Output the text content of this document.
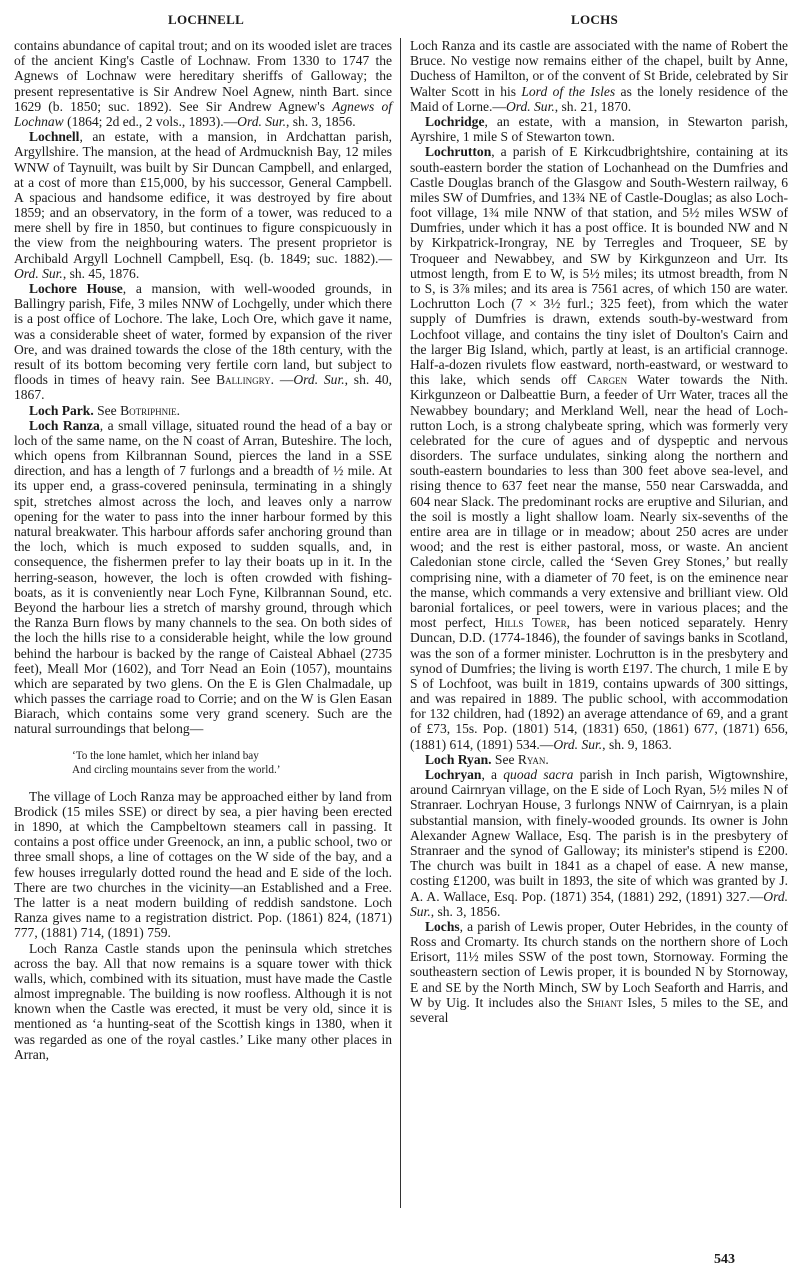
LOCHNELL	LOCHS

contains abundance of capital trout; and on its wooded islet are traces of the ancient King's Castle of Lochnaw. From 1330 to 1747 the Agnews of Lochnaw were hereditary sheriffs of Galloway; the present representative is Sir Andrew Noel Agnew, ninth Bart. since 1629 (b. 1850; suc. 1892). See Sir Andrew Agnew's Agnews of Lochnaw (1864; 2d ed., 2 vols., 1893).—Ord. Sur., sh. 3, 1856.

Lochnell, an estate, with a mansion, in Ardchattan parish, Argyllshire. The mansion, at the head of Ardmucknish Bay, 12 miles WNW of Taynuilt, was built by Sir Duncan Campbell, and enlarged, at a cost of more than £15,000, by his successor, General Campbell. A spacious and handsome edifice, it was destroyed by fire about 1859; and an observatory, in the form of a tower, was reduced to a mere shell by fire in 1850, but continues to figure conspicuously in the view from the neighbouring waters. The present proprietor is Archibald Argyll Lochnell Campbell, Esq. (b. 1849; suc. 1882).—Ord. Sur., sh. 45, 1876.

Lochore House, a mansion, with well-wooded grounds, in Ballingry parish, Fife, 3 miles NNW of Lochgelly, under which there is a post office of Lochore. The lake, Loch Ore, which gave it name, was a considerable sheet of water, formed by expansion of the river Ore, and was drained towards the close of the 18th century, with the result of its bottom becoming very fertile corn land, but subject to floods in times of heavy rain. See Ballingry. —Ord. Sur., sh. 40, 1867.

Loch Park. See Botriphnie.

Loch Ranza, a small village, situated round the head of a bay or loch of the same name, on the N coast of Arran, Buteshire. The loch, which opens from Kilbrannan Sound, pierces the land in a SSE direction, and has a length of 7 furlongs and a breadth of ½ mile. At its upper end, a grass-covered peninsula, terminating in a shingly spit, stretches almost across the loch, and leaves only a narrow opening for the water to pass into the inner harbour formed by this natural breakwater. This harbour affords safer anchoring ground than the loch, which is much exposed to sudden squalls, and, in consequence, the fishermen prefer to lay their boats up in it. In the herring-season, however, the loch is often crowded with fishing-boats, as it is conveniently near Loch Fyne, Kilbrannan Sound, etc. Beyond the harbour lies a stretch of marshy ground, through which the Ranza Burn flows by many channels to the sea. On both sides of the loch the hills rise to a considerable height, while the low ground behind the harbour is backed by the range of Caisteal Abhael (2735 feet), Meall Mor (1602), and Torr Nead an Eoin (1057), mountains which are separated by two glens. On the E is Glen Chalmadale, up which passes the carriage road to Corrie; and on the W is Glen Easan Biarach, which contains some very grand scenery. Such are the natural surroundings that belong—

‘To the lone hamlet, which her inland bay
And circling mountains sever from the world.’

The village of Loch Ranza may be approached either by land from Brodick (15 miles SSE) or direct by sea, a pier having been erected in 1890, at which the Campbeltown steamers call in passing. It contains a post office under Greenock, an inn, a public school, two or three small shops, a line of cottages on the W side of the bay, and a few houses irregularly dotted round the head and E side of the loch. There are two churches in the vicinity—an Established and a Free. The latter is a neat modern building of reddish sandstone. Loch Ranza gives name to a registration district. Pop. (1861) 824, (1871) 777, (1881) 714, (1891) 759.

Loch Ranza Castle stands upon the peninsula which stretches across the bay. All that now remains is a square tower with thick walls, which, combined with its situation, must have made the Castle almost impregnable. The building is now roofless. Although it is not known when the Castle was erected, it must be very old, since it is mentioned as ‘a hunting-seat of the Scottish kings in 1380, when it was regarded as one of the royal castles.’ Like many other places in Arran,

Loch Ranza and its castle are associated with the name of Robert the Bruce. No vestige now remains either of the chapel, built by Anne, Duchess of Hamilton, or of the convent of St Bride, celebrated by Sir Walter Scott in his Lord of the Isles as the lonely residence of the Maid of Lorne.—Ord. Sur., sh. 21, 1870.

Lochridge, an estate, with a mansion, in Stewarton parish, Ayrshire, 1 mile S of Stewarton town.

Lochrutton, a parish of E Kirkcudbrightshire, containing at its south-eastern border the station of Lochanhead on the Dumfries and Castle Douglas branch of the Glasgow and South-Western railway, 6 miles SW of Dumfries, and 13¾ NE of Castle-Douglas; as also Lochfoot village, 1¾ mile NNW of that station, and 5½ miles WSW of Dumfries, under which it has a post office. It is bounded NW and N by Kirkpatrick-Irongray, NE by Terregles and Troqueer, SE by Troqueer and Newabbey, and SW by Kirkgunzeon and Urr. Its utmost length, from E to W, is 5½ miles; its utmost breadth, from N to S, is 3⅞ miles; and its area is 7561 acres, of which 150 are water. Lochrutton Loch (7 × 3½ furl.; 325 feet), from which the water supply of Dumfries is drawn, extends south-by-westward from Lochfoot village, and contains the tiny islet of Doulton's Cairn and the larger Big Island, which, partly at least, is an artificial crannoge. Half-a-dozen rivulets flow eastward, north-eastward, or westward to this lake, which sends off Cargen Water towards the Nith. Kirkgunzeon or Dalbeattie Burn, a feeder of Urr Water, traces all the Newabbey boundary; and Merkland Well, near the head of Lochrutton Loch, is a strong chalybeate spring, which was formerly very celebrated for the cure of agues and of dyspeptic and nervous disorders. The surface undulates, sinking along the northern and south-eastern boundaries to less than 300 feet above sea-level, and rising thence to 637 feet near the manse, 550 near Carswadda, and 604 near Slack. The predominant rocks are eruptive and Silurian, and the soil is mostly a light shallow loam. Nearly six-sevenths of the entire area are in tillage or in meadow; about 250 acres are under wood; and the rest is either pastoral, moss, or waste. An ancient Caledonian stone circle, called the ‘Seven Grey Stones,’ but really comprising nine, with a diameter of 70 feet, is on the eminence near the manse, which commands a very extensive and brilliant view. Old baronial fortalices, or peel towers, were in various places; and the most perfect, Hills Tower, has been noticed separately. Henry Duncan, D.D. (1774-1846), the founder of savings banks in Scotland, was the son of a former minister. Lochrutton is in the presbytery and synod of Dumfries; the living is worth £197. The church, 1 mile E by S of Lochfoot, was built in 1819, contains upwards of 300 sittings, and was repaired in 1889. The public school, with accommodation for 132 children, had (1892) an average attendance of 69, and a grant of £73, 15s. Pop. (1801) 514, (1831) 650, (1861) 677, (1871) 656, (1881) 614, (1891) 534.—Ord. Sur., sh. 9, 1863.

Loch Ryan. See Ryan.

Lochryan, a quoad sacra parish in Inch parish, Wigtownshire, around Cairnryan village, on the E side of Loch Ryan, 5½ miles N of Stranraer. Lochryan House, 3 furlongs NNW of Cairnryan, is a plain substantial mansion, with finely-wooded grounds. Its owner is John Alexander Agnew Wallace, Esq. The parish is in the presbytery of Stranraer and the synod of Galloway; its minister's stipend is £200. The church was built in 1841 as a chapel of ease. A new manse, costing £1200, was built in 1893, the site of which was granted by J. A. A. Wallace, Esq. Pop. (1871) 354, (1881) 292, (1891) 327.—Ord. Sur., sh. 3, 1856.

Lochs, a parish of Lewis proper, Outer Hebrides, in the county of Ross and Cromarty. Its church stands on the northern shore of Loch Erisort, 11½ miles SSW of the post town, Stornoway. Forming the southeastern section of Lewis proper, it is bounded N by Stornoway, E and SE by the North Minch, SW by Loch Seaforth and Harris, and W by Uig. It includes also the Shiant Isles, 5 miles to the SE, and several

543
